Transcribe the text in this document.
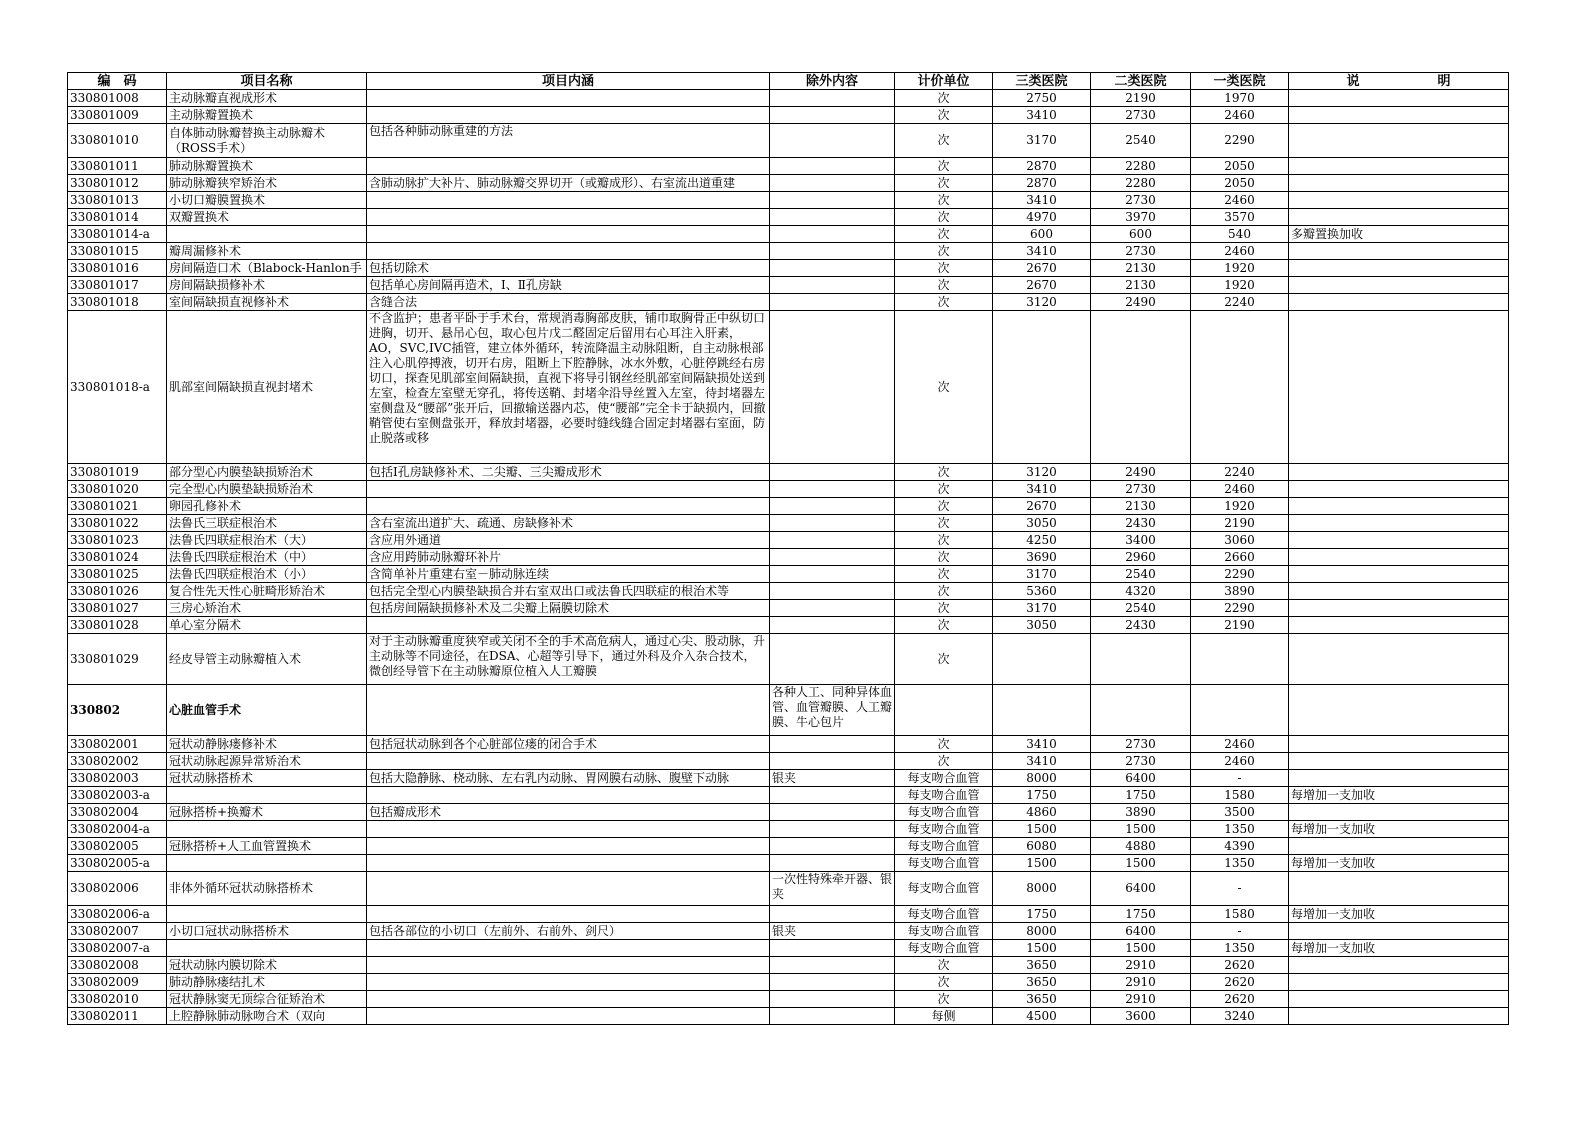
编　码	项目名称	项目内涵	除外内容	计价单位	三类医院	二类医院	一类医院	说　　　　　　明
330801008	主动脉瓣直视成形术			次	2750	2190	1970	
330801009	主动脉瓣置换术			次	3410	2730	2460	
330801010	自体肺动脉瓣替换主动脉瓣术（ROSS手术）	包括各种肺动脉重建的方法		次	3170	2540	2290	
330801011	肺动脉瓣置换术			次	2870	2280	2050	
330801012	肺动脉瓣狭窄矫治术	含肺动脉扩大补片、肺动脉瓣交界切开（或瓣成形）、右室流出道重建		次	2870	2280	2050	
330801013	小切口瓣膜置换术			次	3410	2730	2460	
330801014	双瓣置换术			次	4970	3970	3570	
330801014-a				次	600	600	540	多瓣置换加收
330801015	瓣周漏修补术			次	3410	2730	2460	
330801016	房间隔造口术（Blabock-Hanlon手	包括切除术		次	2670	2130	1920	
330801017	房间隔缺损修补术	包括单心房间隔再造术，Ⅰ、Ⅱ孔房缺		次	2670	2130	1920	
330801018	室间隔缺损直视修补术	含缝合法		次	3120	2490	2240	
330801018-a	肌部室间隔缺损直视封堵术	不含监护；患者平卧于手术台，常规消毒胸部皮肤，铺巾取胸骨正中纵切口进胸，切开、悬吊心包，取心包片戊二醛固定后留用右心耳注入肝素，AO，SVC,IVC插管，建立体外循环，转流降温主动脉阻断，自主动脉根部注入心肌停搏液，切开右房，阻断上下腔静脉，冰水外敷，心脏停跳经右房切口，探查见肌部室间隔缺损，直视下将导引钢丝经肌部室间隔缺损处送到左室，检查左室壁无穿孔，将传送鞘、封堵伞沿导丝置入左室，待封堵器左室侧盘及“腰部”张开后，回撤输送器内芯，使“腰部”完全卡于缺损内，回撤鞘管使右室侧盘张开，释放封堵器，必要时缝线缝合固定封堵器右室面，防止脱落或移		次				
330801019	部分型心内膜垫缺损矫治术	包括Ⅰ孔房缺修补术、二尖瓣、三尖瓣成形术		次	3120	2490	2240	
330801020	完全型心内膜垫缺损矫治术			次	3410	2730	2460	
330801021	卵园孔修补术			次	2670	2130	1920	
330801022	法鲁氏三联症根治术	含右室流出道扩大、疏通、房缺修补术		次	3050	2430	2190	
330801023	法鲁氏四联症根治术（大）	含应用外通道		次	4250	3400	3060	
330801024	法鲁氏四联症根治术（中）	含应用跨肺动脉瓣环补片		次	3690	2960	2660	
330801025	法鲁氏四联症根治术（小）	含简单补片重建右室－肺动脉连续		次	3170	2540	2290	
330801026	复合性先天性心脏畸形矫治术	包括完全型心内膜垫缺损合并右室双出口或法鲁氏四联症的根治术等		次	5360	4320	3890	
330801027	三房心矫治术	包括房间隔缺损修补术及二尖瓣上隔膜切除术		次	3170	2540	2290	
330801028	单心室分隔术			次	3050	2430	2190	
330801029	经皮导管主动脉瓣植入术	对于主动脉瓣重度狭窄或关闭不全的手术高危病人，通过心尖、股动脉，升主动脉等不同途径，在DSA、心超等引导下，通过外科及介入杂合技术，微创经导管下在主动脉瓣原位植入人工瓣膜		次				
330802	心脏血管手术		各种人工、同种异体血管、血管瓣膜、人工瓣膜、牛心包片					
330802001	冠状动静脉瘘修补术	包括冠状动脉到各个心脏部位瘘的闭合手术		次	3410	2730	2460	
330802002	冠状动脉起源异常矫治术			次	3410	2730	2460	
330802003	冠状动脉搭桥术	包括大隐静脉、桡动脉、左右乳内动脉、胃网膜右动脉、腹壁下动脉	银夹	每支吻合血管	8000	6400	-	
330802003-a				每支吻合血管	1750	1750	1580	每增加一支加收
330802004	冠脉搭桥+换瓣术	包括瓣成形术		每支吻合血管	4860	3890	3500	
330802004-a				每支吻合血管	1500	1500	1350	每增加一支加收
330802005	冠脉搭桥+人工血管置换术			每支吻合血管	6080	4880	4390	
330802005-a				每支吻合血管	1500	1500	1350	每增加一支加收
330802006	非体外循环冠状动脉搭桥术		一次性特殊牵开器、银夹	每支吻合血管	8000	6400	-	
330802006-a				每支吻合血管	1750	1750	1580	每增加一支加收
330802007	小切口冠状动脉搭桥术	包括各部位的小切口（左前外、右前外、剑尺）	银夹	每支吻合血管	8000	6400	-	
330802007-a				每支吻合血管	1500	1500	1350	每增加一支加收
330802008	冠状动脉内膜切除术			次	3650	2910	2620	
330802009	肺动静脉瘘结扎术			次	3650	2910	2620	
330802010	冠状静脉窦无顶综合征矫治术			次	3650	2910	2620	
330802011	上腔静脉肺动脉吻合术（双向			每侧	4500	3600	3240	
